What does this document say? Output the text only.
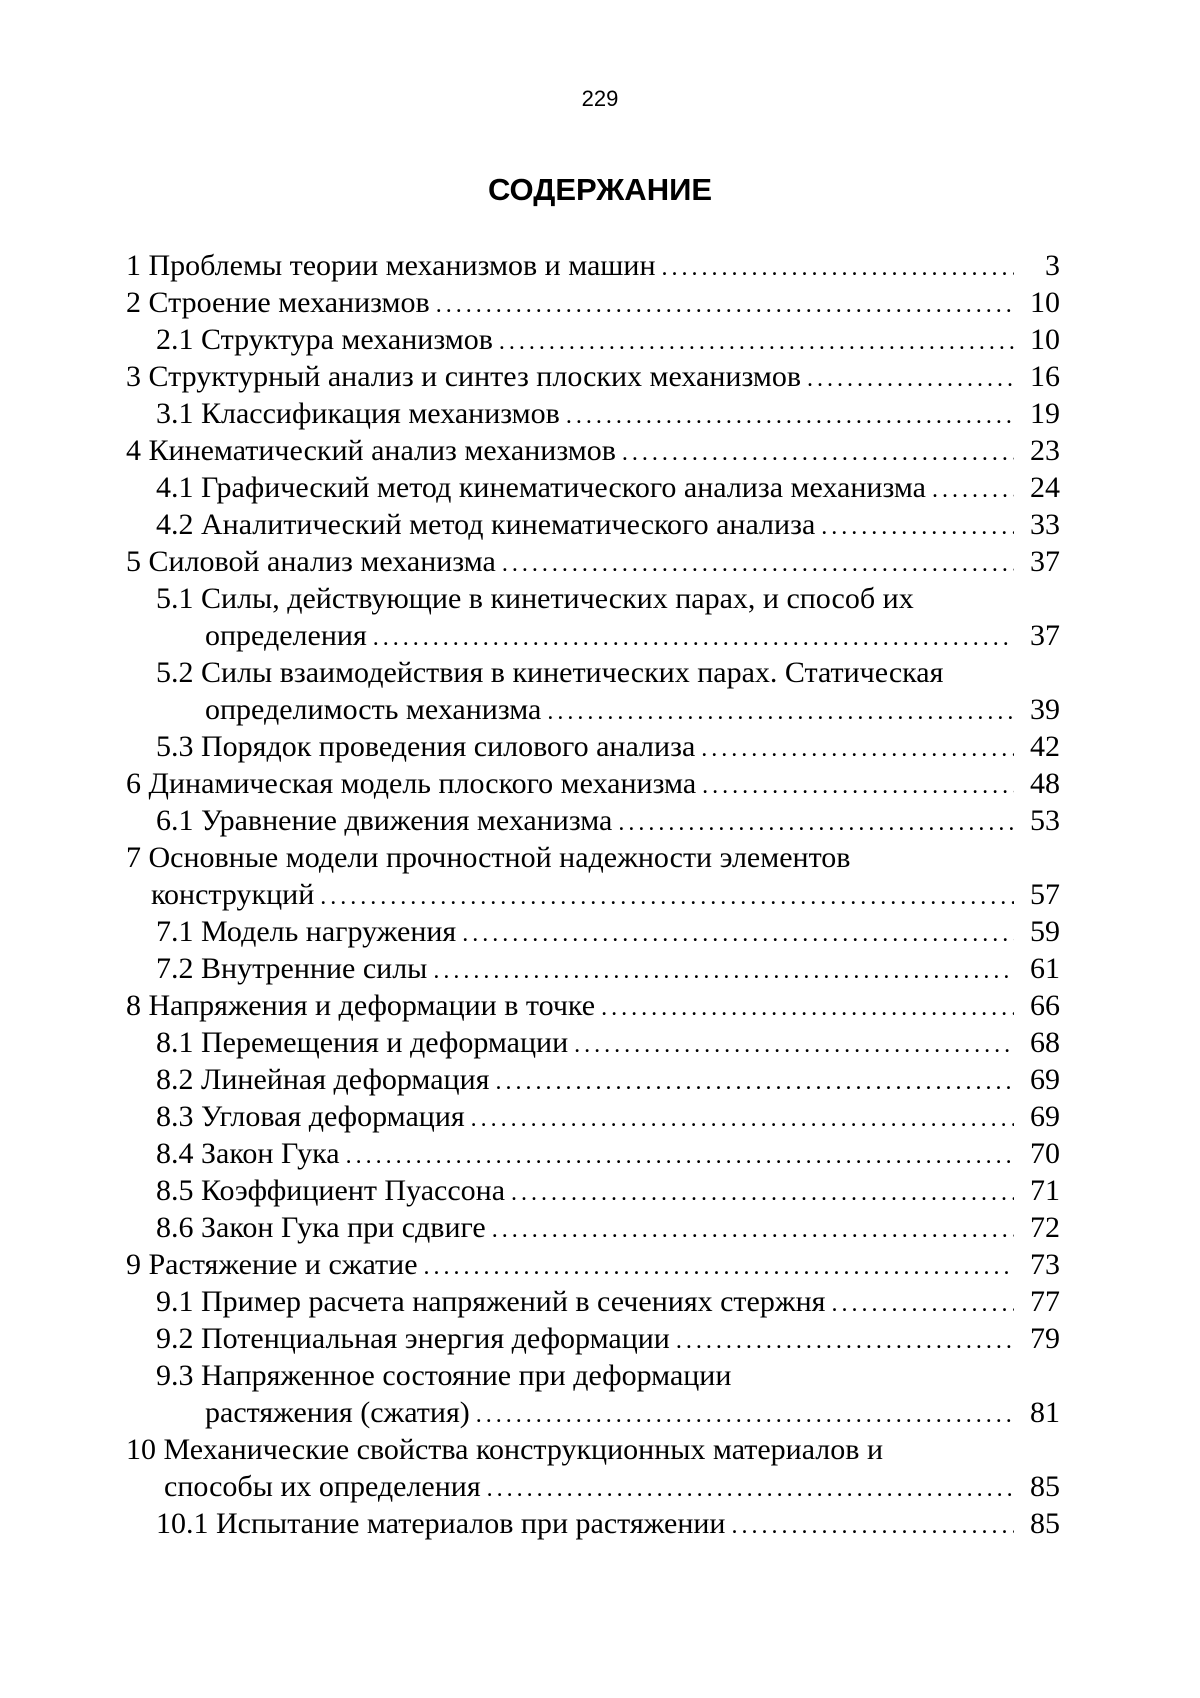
229
СОДЕРЖАНИЕ
1 Проблемы теории механизмов и машин . . .	3
2 Строение механизмов . . .	10
2.1 Структура механизмов . . .	10
3 Структурный анализ и синтез плоских механизмов . . .	16
3.1 Классификация механизмов . . .	19
4 Кинематический анализ механизмов . . .	23
4.1 Графический метод кинематического анализа механизма . . .	24
4.2 Аналитический метод кинематического анализа . . .	33
5 Силовой анализ механизма . . .	37
5.1 Силы, действующие в кинетических парах, и способ их
определения . . .	37
5.2 Силы взаимодействия в кинетических парах. Статическая
определимость механизма . . .	39
5.3 Порядок проведения силового анализа . . .	42
6 Динамическая модель плоского механизма . . .	48
6.1 Уравнение движения механизма . . .	53
7 Основные модели прочностной надежности элементов
конструкций . . .	57
7.1 Модель нагружения . . .	59
7.2 Внутренние силы . . .	61
8 Напряжения и деформации в точке . . .	66
8.1 Перемещения и деформации . . .	68
8.2 Линейная деформация . . .	69
8.3 Угловая деформация . . .	69
8.4 Закон Гука . . .	70
8.5 Коэффициент Пуассона . . .	71
8.6 Закон Гука при сдвиге . . .	72
9 Растяжение и сжатие . . .	73
9.1 Пример расчета напряжений в сечениях стержня . . .	77
9.2 Потенциальная энергия деформации . . .	79
9.3 Напряженное состояние при деформации
растяжения (сжатия) . . .	81
10 Механические свойства конструкционных материалов и
способы их определения . . .	85
10.1 Испытание материалов при растяжении . . .	85
